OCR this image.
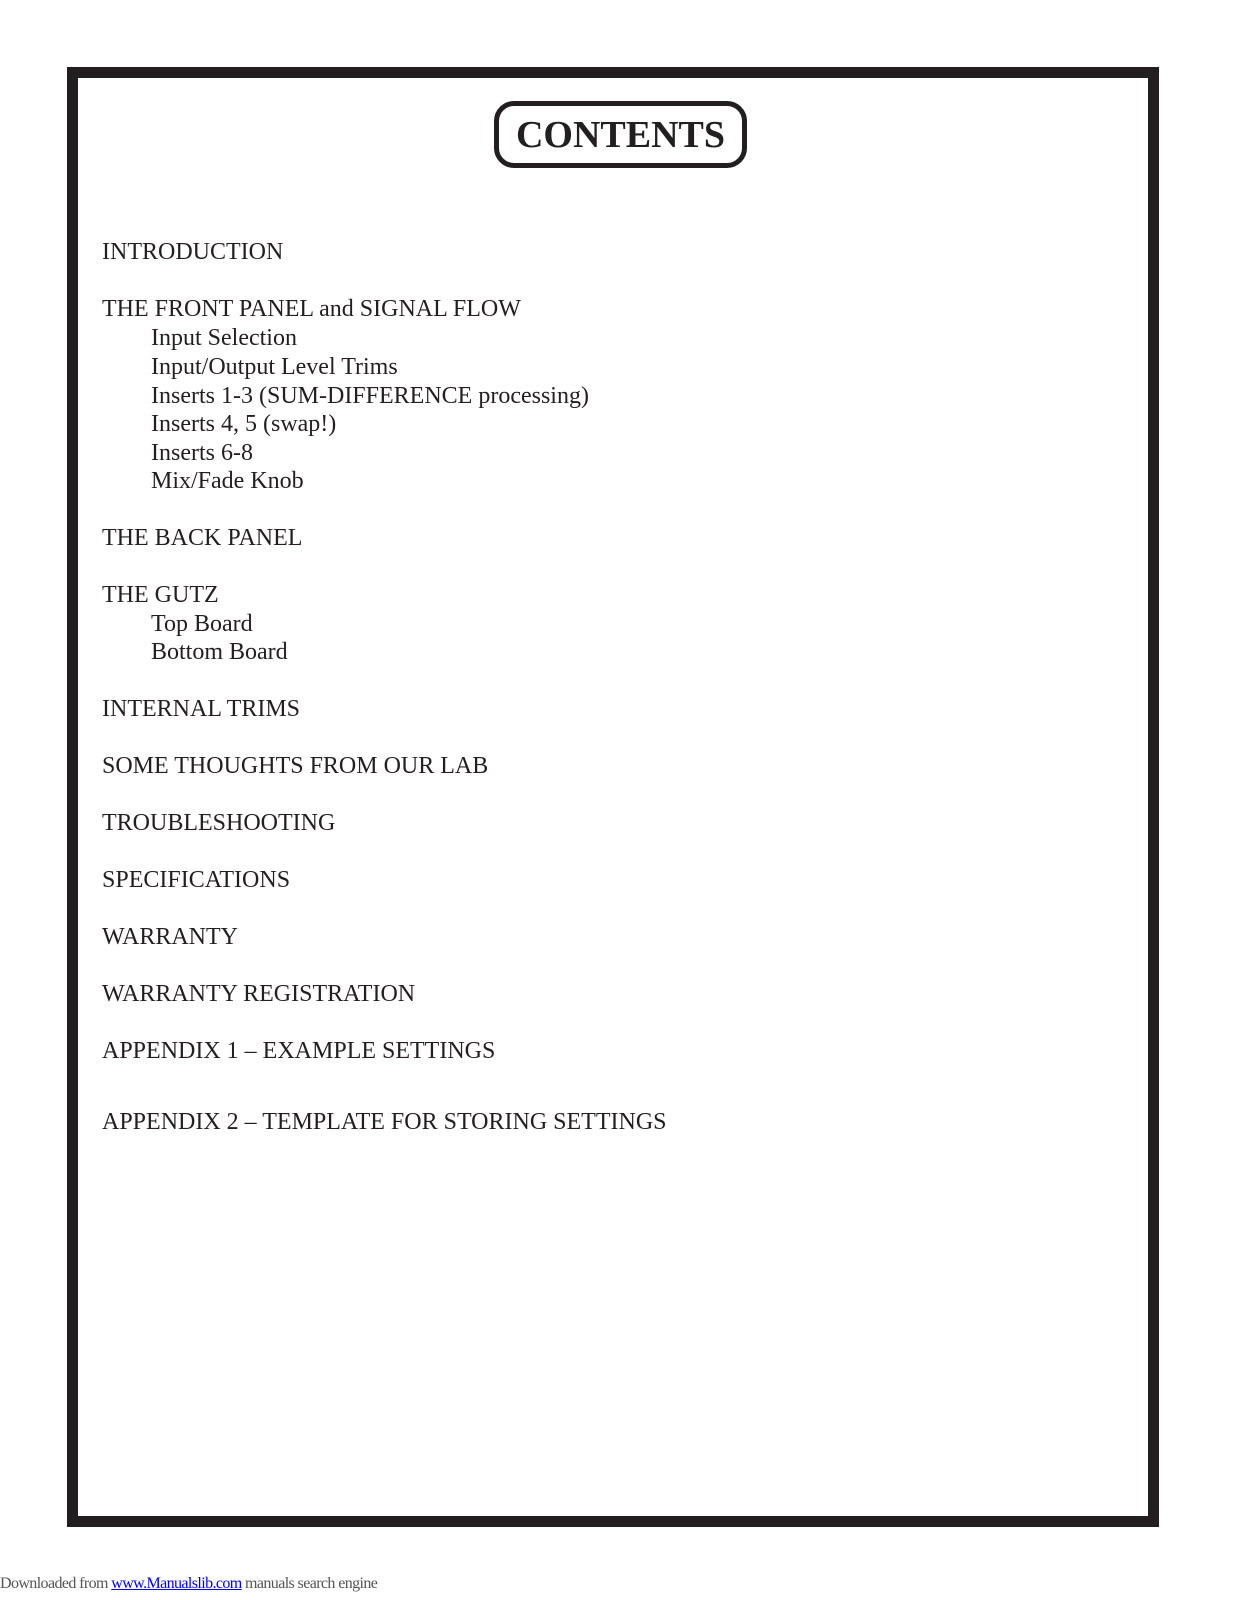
CONTENTS
INTRODUCTION
THE FRONT PANEL and SIGNAL FLOW
Input Selection
Input/Output Level Trims
Inserts 1-3 (SUM-DIFFERENCE processing)
Inserts 4, 5 (swap!)
Inserts 6-8
Mix/Fade Knob
THE BACK PANEL
THE GUTZ
Top Board
Bottom Board
INTERNAL TRIMS
SOME THOUGHTS FROM OUR LAB
TROUBLESHOOTING
SPECIFICATIONS
WARRANTY
WARRANTY REGISTRATION
APPENDIX 1 – EXAMPLE SETTINGS
APPENDIX 2 – TEMPLATE FOR STORING SETTINGS
Downloaded from www.Manualslib.com manuals search engine
